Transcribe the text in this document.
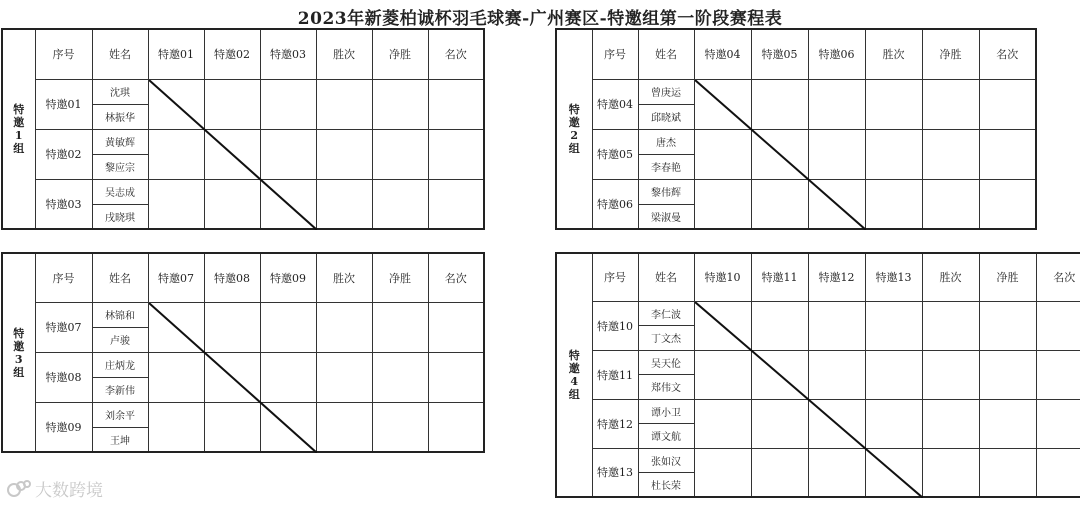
2023年新菱柏诚杯羽毛球赛-广州赛区-特邀组第一阶段赛程表
特
邀
1
组	序号	姓名	特邀01	特邀02	特邀03	胜次	净胜	名次
	特邀01	沈琪						
		林振华						
	特邀02	黄敏辉						
		黎应宗						
	特邀03	吴志成						
		戌晓琪						
特
邀
2
组	序号	姓名	特邀04	特邀05	特邀06	胜次	净胜	名次
	特邀04	曾庚运						
		邱晓斌						
	特邀05	唐杰						
		李春艳						
	特邀06	黎伟辉						
		梁淑曼						
特
邀
3
组	序号	姓名	特邀07	特邀08	特邀09	胜次	净胜	名次
	特邀07	林锦和						
		卢骏						
	特邀08	庄炳龙						
		李新伟						
	特邀09	刘余平						
		王坤						
特
邀
4
组	序号	姓名	特邀10	特邀11	特邀12	特邀13	胜次	净胜	名次
	特邀10	李仁波							
		丁文杰							
	特邀11	吴天伦							
		郑伟文							
	特邀12	谭小卫							
		谭文航							
	特邀13	张如汉							
		杜长荣							
大数跨境
